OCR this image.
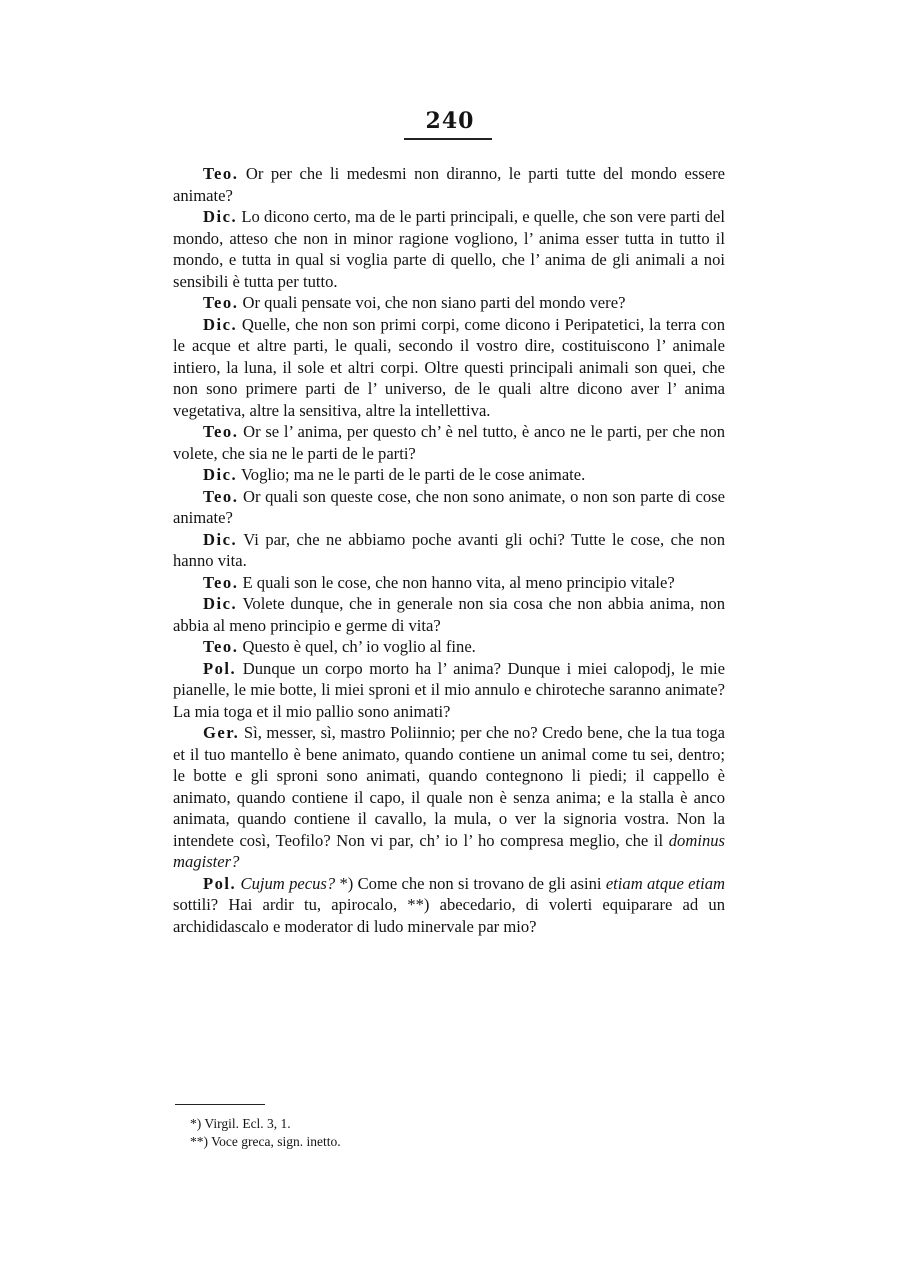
240

Teo. Or per che li medesmi non diranno, le parti tutte del mondo essere animate?

Dic. Lo dicono certo, ma de le parti principali, e quelle, che son vere parti del mondo, atteso che non in minor ragione vogliono, l’ anima esser tutta in tutto il mondo, e tutta in qual si voglia parte di quello, che l’ anima de gli animali a noi sensibili è tutta per tutto.

Teo. Or quali pensate voi, che non siano parti del mondo vere?

Dic. Quelle, che non son primi corpi, come dicono i Peripatetici, la terra con le acque et altre parti, le quali, secondo il vostro dire, costituiscono l’ animale intiero, la luna, il sole et altri corpi. Oltre questi principali animali son quei, che non sono primere parti de l’ universo, de le quali altre dicono aver l’ anima vegetativa, altre la sensitiva, altre la intellettiva.

Teo. Or se l’ anima, per questo ch’ è nel tutto, è anco ne le parti, per che non volete, che sia ne le parti de le parti?

Dic. Voglio; ma ne le parti de le parti de le cose animate.

Teo. Or quali son queste cose, che non sono animate, o non son parte di cose animate?

Dic. Vi par, che ne abbiamo poche avanti gli ochi? Tutte le cose, che non hanno vita.

Teo. E quali son le cose, che non hanno vita, al meno principio vitale?

Dic. Volete dunque, che in generale non sia cosa che non abbia anima, non abbia al meno principio e germe di vita?

Teo. Questo è quel, ch’ io voglio al fine.

Pol. Dunque un corpo morto ha l’ anima? Dunque i miei calopodj, le mie pianelle, le mie botte, li miei sproni et il mio annulo e chiroteche saranno animate? La mia toga et il mio pallio sono animati?

Ger. Sì, messer, sì, mastro Poliinnio; per che no? Credo bene, che la tua toga et il tuo mantello è bene animato, quando contiene un animal come tu sei, dentro; le botte e gli sproni sono animati, quando contegnono li piedi; il cappello è animato, quando contiene il capo, il quale non è senza anima; e la stalla è anco animata, quando contiene il cavallo, la mula, o ver la signoria vostra. Non la intendete così, Teofilo? Non vi par, ch’ io l’ ho compresa meglio, che il dominus magister?

Pol. Cujum pecus? *) Come che non si trovano de gli asini etiam atque etiam sottili? Hai ardir tu, apirocalo, **) abecedario, di volerti equiparare ad un archididascalo e moderator di ludo minervale par mio?

*) Virgil. Ecl. 3, 1.

**) Voce greca, sign. inetto.
